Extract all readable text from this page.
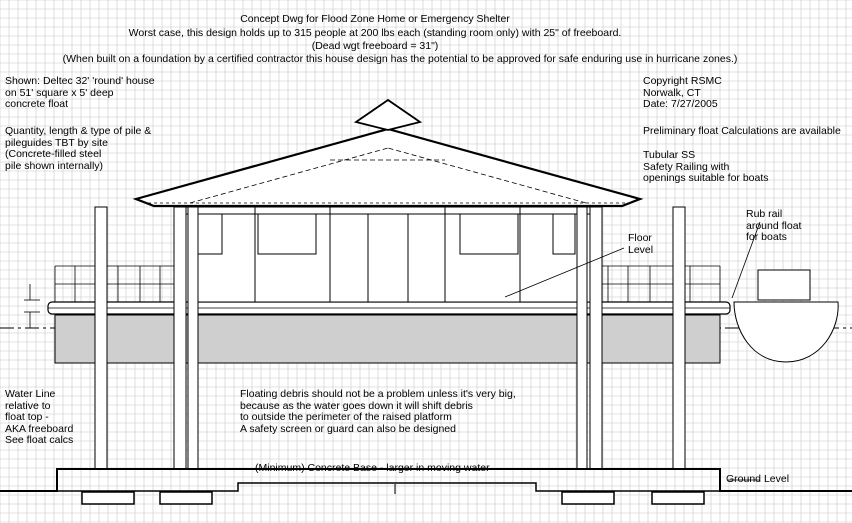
Concept Dwg for Flood Zone Home or Emergency Shelter
Worst case, this design holds up to 315 people at 200 lbs each (standing room only) with 25" of freeboard.
(Dead wgt freeboard = 31")
(When built on a foundation by a certified contractor this house design has the potential to be approved for safe enduring use in hurricane zones.)
Shown: Deltec 32' 'round' house
on 51' square x 5' deep
concrete float
Quantity, length & type of pile &
pileguides TBT by site
(Concrete-filled steel
pile shown internally)
Water Line
relative to
float top -
AKA freeboard
See float calcs
Copyright RSMC
Norwalk, CT
Date: 7/27/2005
Preliminary float Calculations are available
Tubular SS
Safety Railing with
openings suitable for boats
Rub rail
around float
for boats
Floor
Level
Floating debris should not be a problem unless it's very big,
because as the water goes down it will shift debris
to outside the perimeter of the raised platform
A safety screen or guard can also be designed
(Minimum) Concrete Base - larger in moving water
Ground Level
